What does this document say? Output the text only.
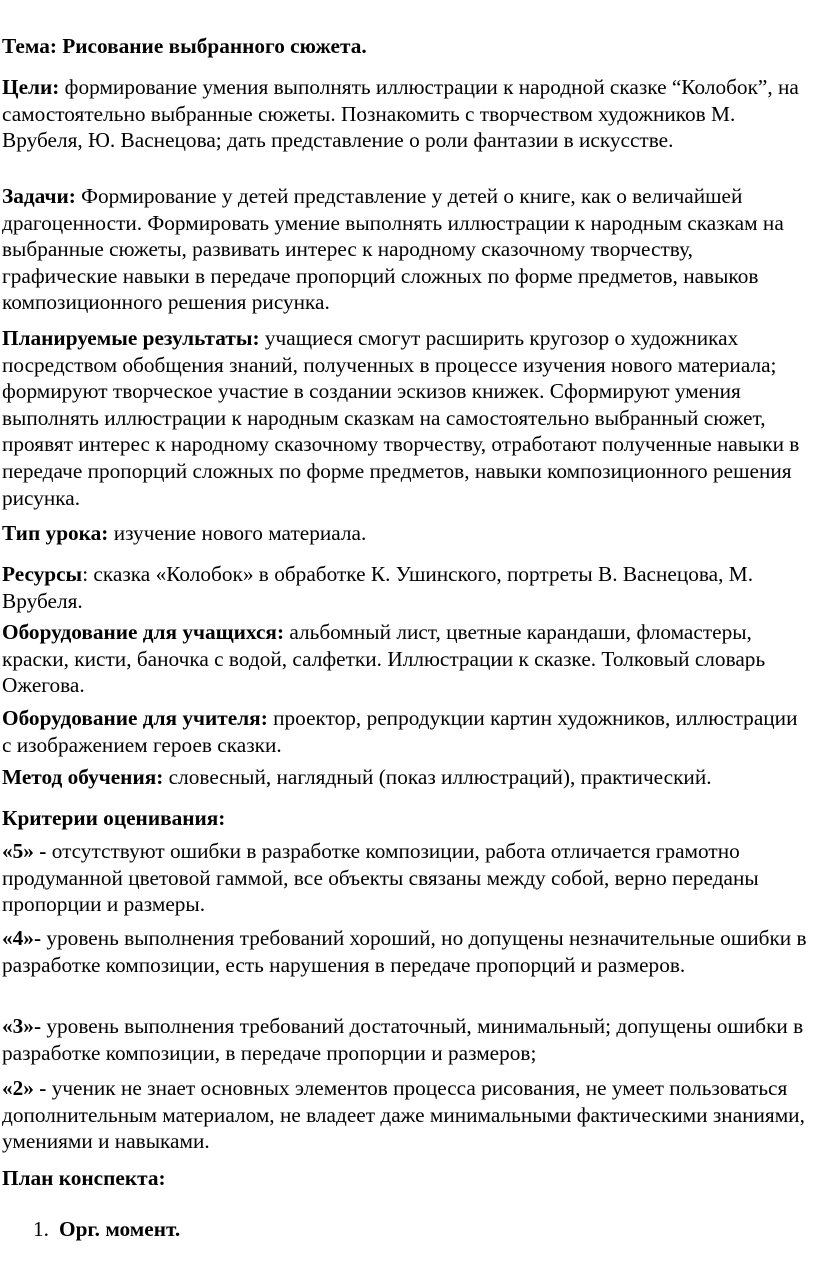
Тема: Рисование выбранного сюжета.

Цели: формирование умения выполнять иллюстрации к народной сказке “Колобок”, на самостоятельно выбранные сюжеты. Познакомить с творчеством художников М. Врубеля, Ю. Васнецова; дать представление о роли фантазии в искусстве.

Задачи: Формирование у детей представление у детей о книге, как о величайшей драгоценности. Формировать умение выполнять иллюстрации к народным сказкам на выбранные сюжеты, развивать интерес к народному сказочному творчеству, графические навыки в передаче пропорций сложных по форме предметов, навыков композиционного решения рисунка.

Планируемые результаты: учащиеся смогут расширить кругозор о художниках посредством обобщения знаний, полученных в процессе изучения нового материала; формируют творческое участие в создании эскизов книжек. Сформируют умения выполнять иллюстрации к народным сказкам на самостоятельно выбранный сюжет, проявят интерес к народному сказочному творчеству, отработают полученные навыки в передаче пропорций сложных по форме предметов, навыки композиционного решения рисунка.

Тип урока: изучение нового материала.

Ресурсы: сказка «Колобок» в обработке К. Ушинского, портреты В. Васнецова, М. Врубеля.

Оборудование для учащихся: альбомный лист, цветные карандаши, фломастеры, краски, кисти, баночка с водой, салфетки. Иллюстрации к сказке. Толковый словарь Ожегова.

Оборудование для учителя: проектор, репродукции картин художников, иллюстрации с изображением героев сказки.

Метод обучения: словесный, наглядный (показ иллюстраций), практический.

Критерии оценивания:

«5» - отсутствуют ошибки в разработке композиции, работа отличается грамотно продуманной цветовой гаммой, все объекты связаны между собой, верно переданы пропорции и размеры.

«4»- уровень выполнения требований хороший, но допущены незначительные ошибки в разработке композиции, есть нарушения в передаче пропорций и размеров.

«3»- уровень выполнения требований достаточный, минимальный; допущены ошибки в разработке композиции, в передаче пропорции и размеров;

«2» - ученик не знает основных элементов процесса рисования, не умеет пользоваться дополнительным материалом, не владеет даже минимальными фактическими знаниями, умениями и навыками.

План конспекта:

1. Орг. момент.
